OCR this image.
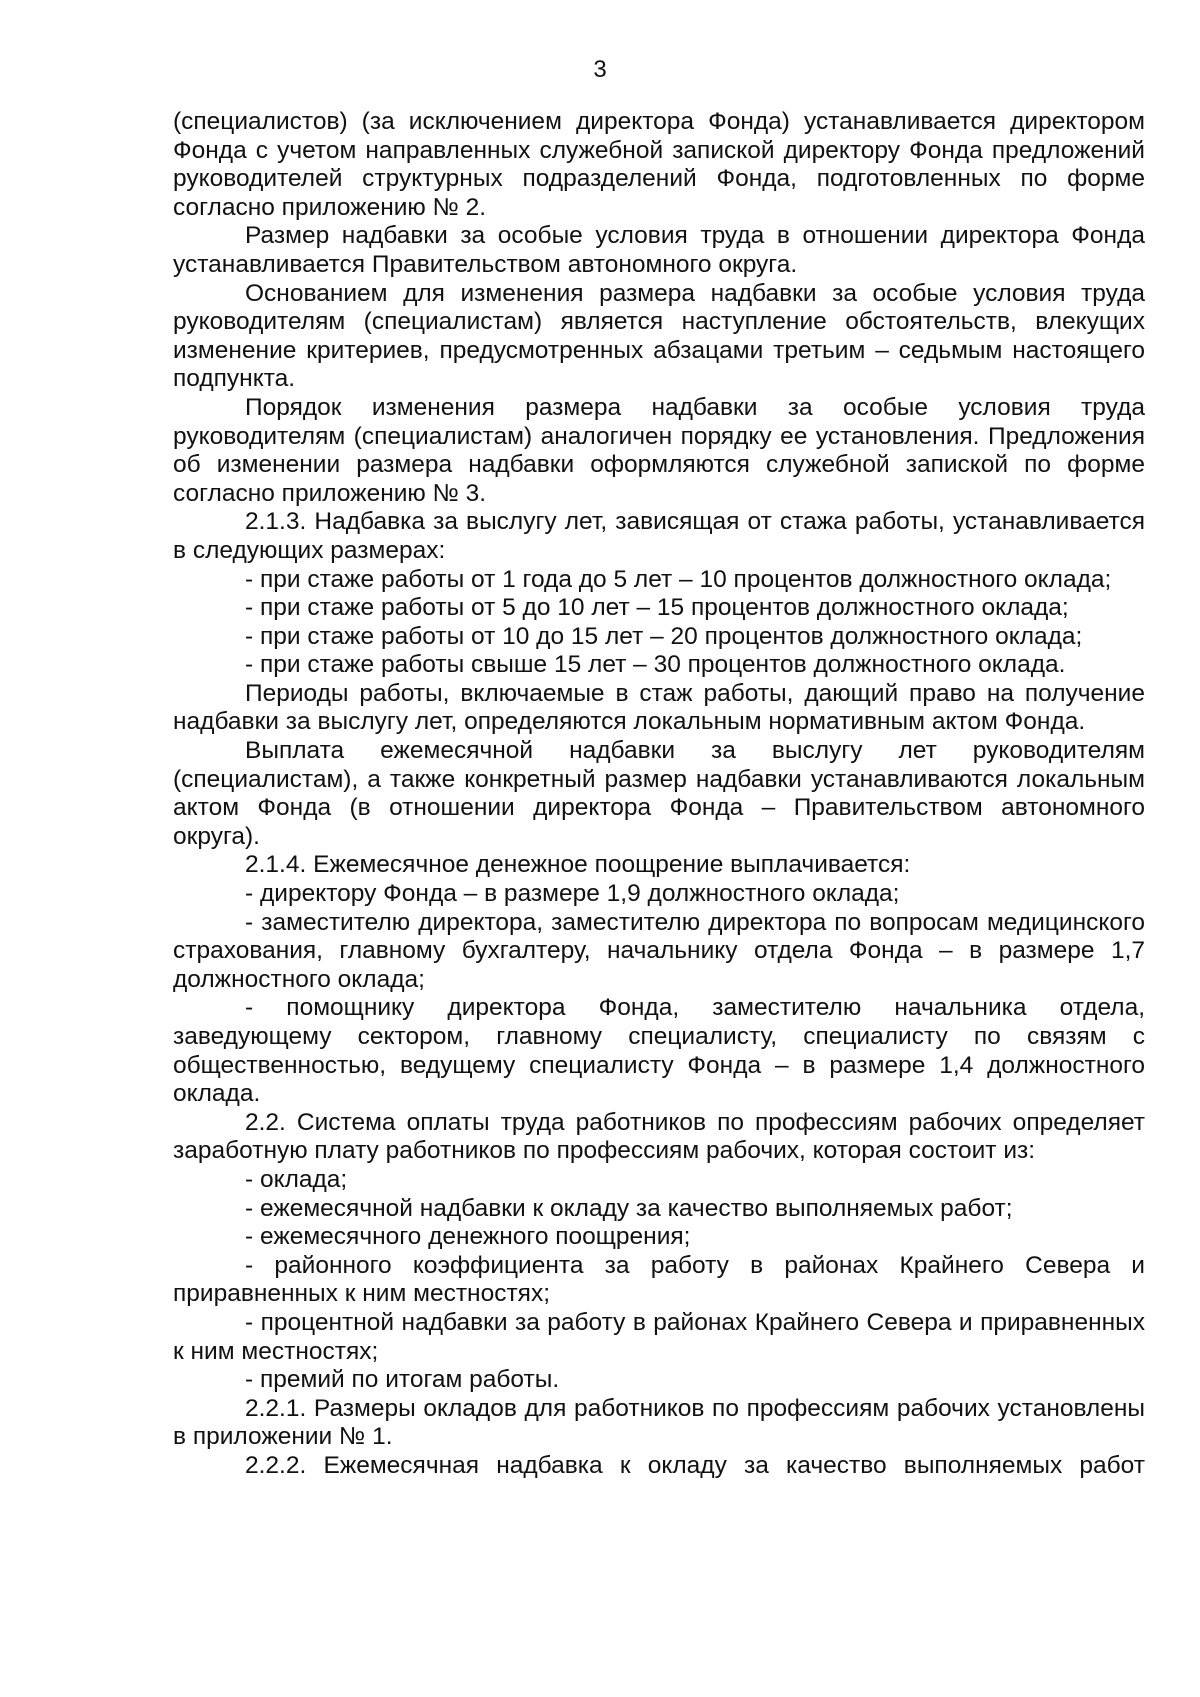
3

(специалистов) (за исключением директора Фонда) устанавливается директором Фонда с учетом направленных служебной запиской директору Фонда предложений руководителей структурных подразделений Фонда, подготовленных по форме согласно приложению № 2.

Размер надбавки за особые условия труда в отношении директора Фонда устанавливается Правительством автономного округа.

Основанием для изменения размера надбавки за особые условия труда руководителям (специалистам) является наступление обстоятельств, влекущих изменение критериев, предусмотренных абзацами третьим – седьмым настоящего подпункта.

Порядок изменения размера надбавки за особые условия труда руководителям (специалистам) аналогичен порядку ее установления. Предложения об изменении размера надбавки оформляются служебной запиской по форме согласно приложению № 3.

2.1.3. Надбавка за выслугу лет, зависящая от стажа работы, устанавливается в следующих размерах:

- при стаже работы от 1 года до 5 лет – 10 процентов должностного оклада;

- при стаже работы от 5 до 10 лет – 15 процентов должностного оклада;

- при стаже работы от 10 до 15 лет – 20 процентов должностного оклада;

- при стаже работы свыше 15 лет – 30 процентов должностного оклада.

Периоды работы, включаемые в стаж работы, дающий право на получение надбавки за выслугу лет, определяются локальным нормативным актом Фонда.

Выплата ежемесячной надбавки за выслугу лет руководителям (специалистам), а также конкретный размер надбавки устанавливаются локальным актом Фонда (в отношении директора Фонда – Правительством автономного округа).

2.1.4. Ежемесячное денежное поощрение выплачивается:

- директору Фонда – в размере 1,9 должностного оклада;

- заместителю директора, заместителю директора по вопросам медицинского страхования, главному бухгалтеру, начальнику отдела Фонда – в размере 1,7 должностного оклада;

- помощнику директора Фонда, заместителю начальника отдела, заведующему сектором, главному специалисту, специалисту по связям с общественностью, ведущему специалисту Фонда – в размере 1,4 должностного оклада.

2.2. Система оплаты труда работников по профессиям рабочих определяет заработную плату работников по профессиям рабочих, которая состоит из:

- оклада;

- ежемесячной надбавки к окладу за качество выполняемых работ;

- ежемесячного денежного поощрения;

- районного коэффициента за работу в районах Крайнего Севера и приравненных к ним местностях;

- процентной надбавки за работу в районах Крайнего Севера и приравненных к ним местностях;

- премий по итогам работы.

2.2.1. Размеры окладов для работников по профессиям рабочих установлены в приложении № 1.

2.2.2. Ежемесячная надбавка к окладу за качество выполняемых работ
